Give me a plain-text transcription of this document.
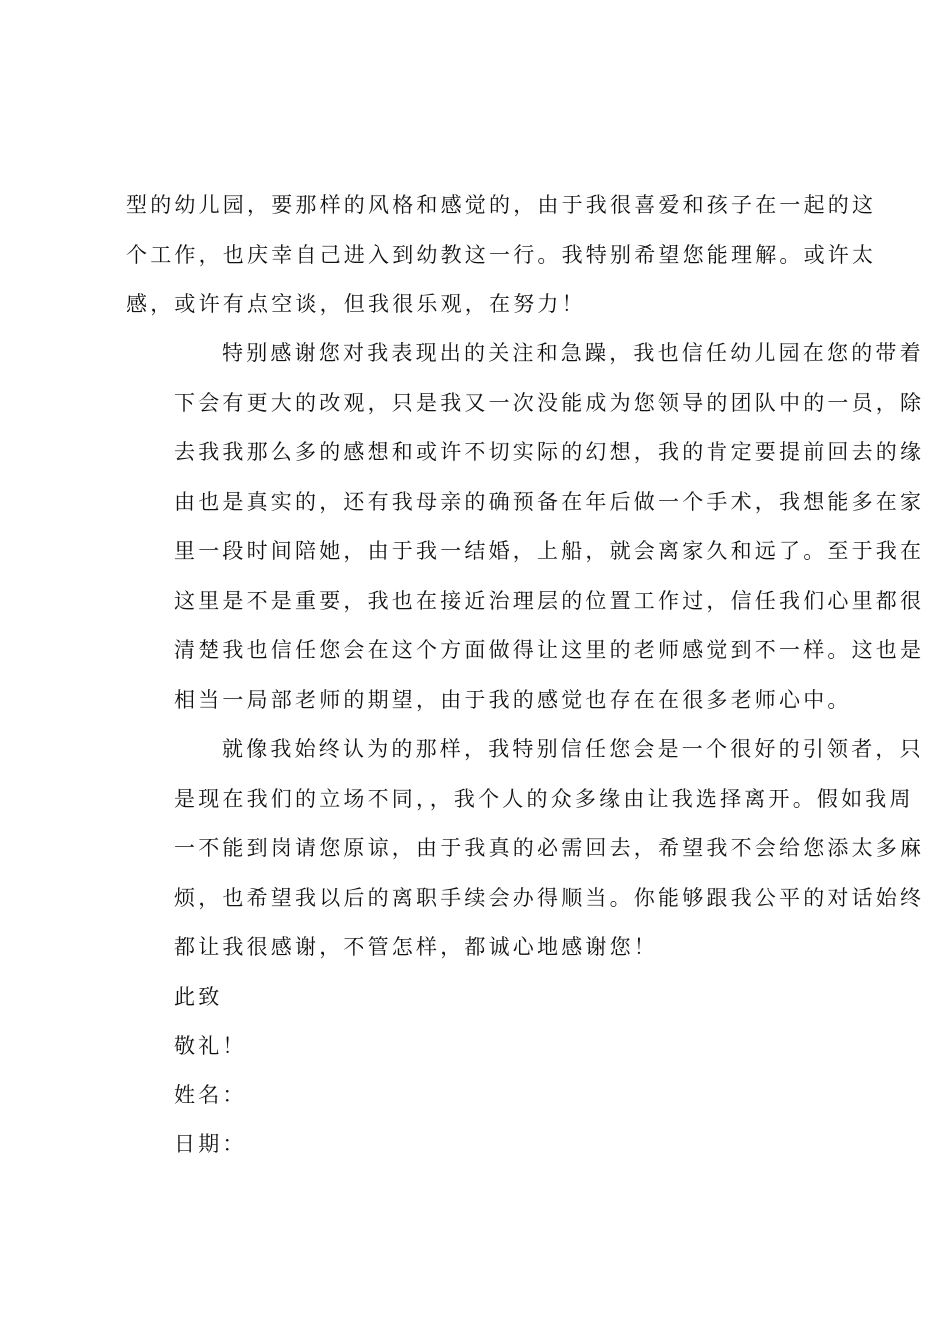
型的幼儿园，要那样的风格和感觉的，由于我很喜爱和孩子在一起的这
个工作，也庆幸自己进入到幼教这一行。我特别希望您能理解。或许太
感，或许有点空谈，但我很乐观，在努力！
特别感谢您对我表现出的关注和急躁，我也信任幼儿园在您的带着
下会有更大的改观，只是我又一次没能成为您领导的团队中的一员，除
去我我那么多的感想和或许不切实际的幻想，我的肯定要提前回去的缘
由也是真实的，还有我母亲的确预备在年后做一个手术，我想能多在家
里一段时间陪她，由于我一结婚，上船，就会离家久和远了。至于我在
这里是不是重要，我也在接近治理层的位置工作过，信任我们心里都很
清楚我也信任您会在这个方面做得让这里的老师感觉到不一样。这也是
相当一局部老师的期望，由于我的感觉也存在在很多老师心中。
就像我始终认为的那样，我特别信任您会是一个很好的引领者，只
是现在我们的立场不同，，我个人的众多缘由让我选择离开。假如我周
一不能到岗请您原谅，由于我真的必需回去，希望我不会给您添太多麻
烦，也希望我以后的离职手续会办得顺当。你能够跟我公平的对话始终
都让我很感谢，不管怎样，都诚心地感谢您！
此致
敬礼！
姓名：
日期：
